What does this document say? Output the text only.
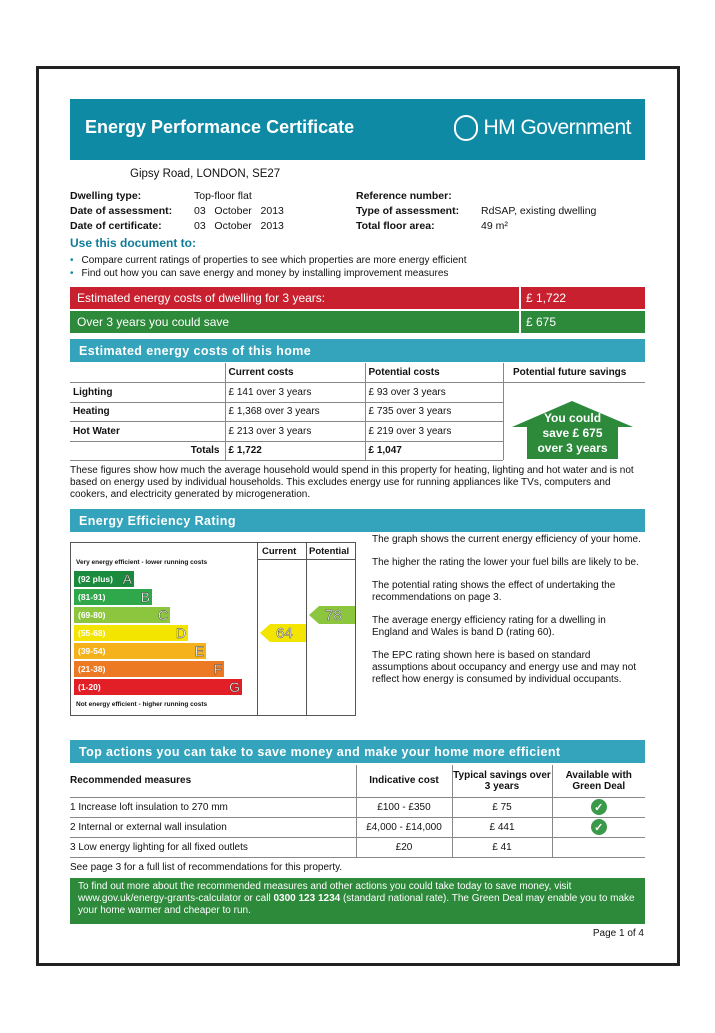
Energy Performance Certificate	HM Government
Gipsy Road, LONDON, SE27
Dwelling type:	Top-floor flat
Date of assessment: 03   October   2013
Date of certificate:	03   October   2013
Reference number:
Type of assessment: RdSAP, existing dwelling
Total floor area:	49 m²
Use this document to:
• Compare current ratings of properties to see which properties are more energy efficient
• Find out how you can save energy and money by installing improvement measures
Estimated energy costs of dwelling for 3 years:	£ 1,722
Over 3 years you could save	£ 675
Estimated energy costs of this home
	Current costs	Potential costs
Lighting	£ 141 over 3 years	£ 93 over 3 years
Heating	£ 1,368 over 3 years	£ 735 over 3 years
Hot Water	£ 213 over 3 years	£ 219 over 3 years
Totals	£ 1,722	£ 1,047
Potential future savings
You could
save £ 675
over 3 years
These figures show how much the average household would spend in this property for heating, lighting and hot water and is not based on energy used by individual households. This excludes energy use for running appliances like TVs, computers and cookers, and electricity generated by microgeneration.
Energy Efficiency Rating
Current Potential
Very energy efficient - lower running costs
Not energy efficient - higher running costs
(92 plus) A
(81-91)	B
(69-80)	C
(55-68)	D
(39-54)	E
(21-38)	F
(1-20)	G
64
78
The graph shows the current energy efficiency of your home.
The higher the rating the lower your fuel bills are likely to be.
The potential rating shows the effect of undertaking the recommendations on page 3.
The average energy efficiency rating for a dwelling in England and Wales is band D (rating 60).
The EPC rating shown here is based on standard assumptions about occupancy and energy use and may not reflect how energy is consumed by individual occupants.
Top actions you can take to save money and make your home more efficient
Recommended measures	Indicative cost	Typical savings over 3 years	Available with Green Deal
1 Increase loft insulation to 270 mm	£100 - £350	£ 75	✓
2 Internal or external wall insulation	£4,000 - £14,000	£ 441	✓
3 Low energy lighting for all fixed outlets	£20	£ 41	
See page 3 for a full list of recommendations for this property.
To find out more about the recommended measures and other actions you could take today to save money, visit www.gov.uk/energy-grants-calculator or call 0300 123 1234 (standard national rate). The Green Deal may enable you to make your home warmer and cheaper to run.
Page 1 of 4
